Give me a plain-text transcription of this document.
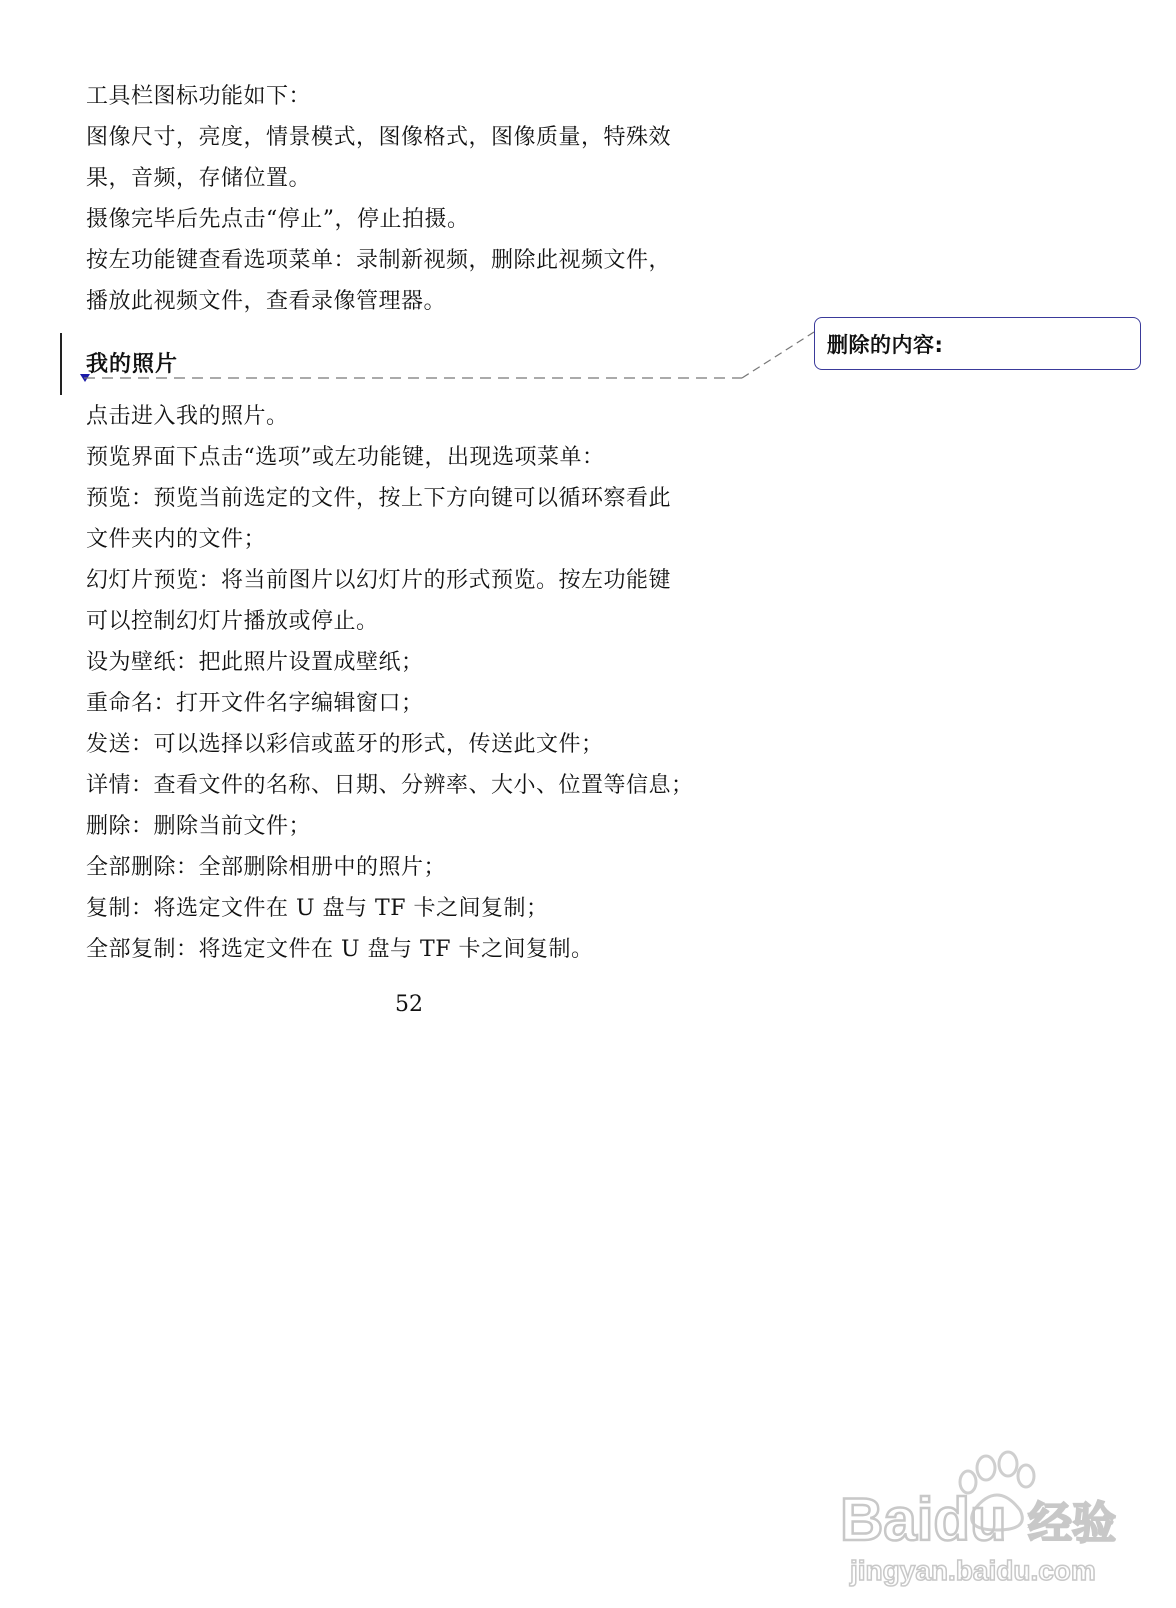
工具栏图标功能如下：
图像尺寸，亮度，情景模式，图像格式，图像质量，特殊效
果，音频，存储位置。
摄像完毕后先点击“停止”，停止拍摄。
按左功能键查看选项菜单：录制新视频，删除此视频文件，
播放此视频文件，查看录像管理器。
我的照片
删除的内容:
点击进入我的照片。
预览界面下点击“选项”或左功能键，出现选项菜单：
预览：预览当前选定的文件，按上下方向键可以循环察看此
文件夹内的文件；
幻灯片预览：将当前图片以幻灯片的形式预览。按左功能键
可以控制幻灯片播放或停止。
设为壁纸：把此照片设置成壁纸；
重命名：打开文件名字编辑窗口；
发送：可以选择以彩信或蓝牙的形式，传送此文件；
详情：查看文件的名称、日期、分辨率、大小、位置等信息；
删除：删除当前文件；
全部删除：全部删除相册中的照片；
复制：将选定文件在 U 盘与 TF 卡之间复制；
全部复制：将选定文件在 U 盘与 TF 卡之间复制。
52
Baidu 经验
jingyan.baidu.com
